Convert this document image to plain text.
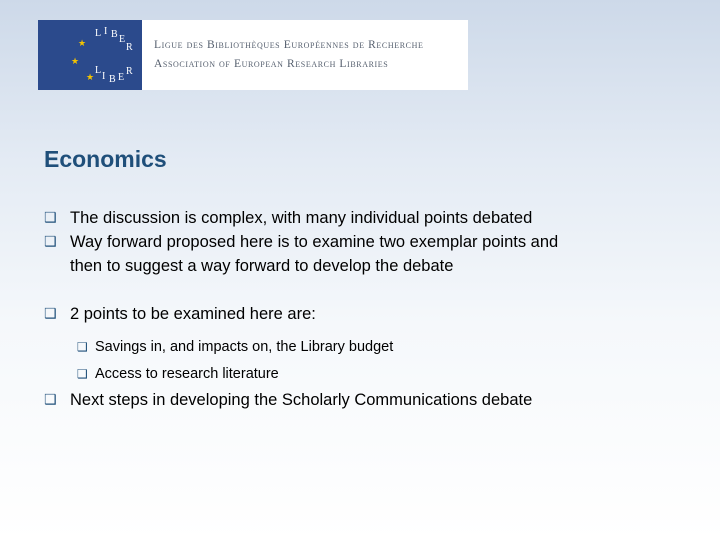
★
★
★
L I B E
R
L
I B E
R
Ligue des Bibliothèques Européennes de Recherche
Association of European Research Libraries
Economics
❑ The discussion is complex, with many individual points debated
❑ Way forward proposed here is to examine two exemplar points and
then to suggest a way forward to develop the debate
❑ 2 points to be examined here are:
❑ Savings in, and impacts on, the Library budget
❑ Access to research literature
❑ Next steps in developing the Scholarly Communications debate
